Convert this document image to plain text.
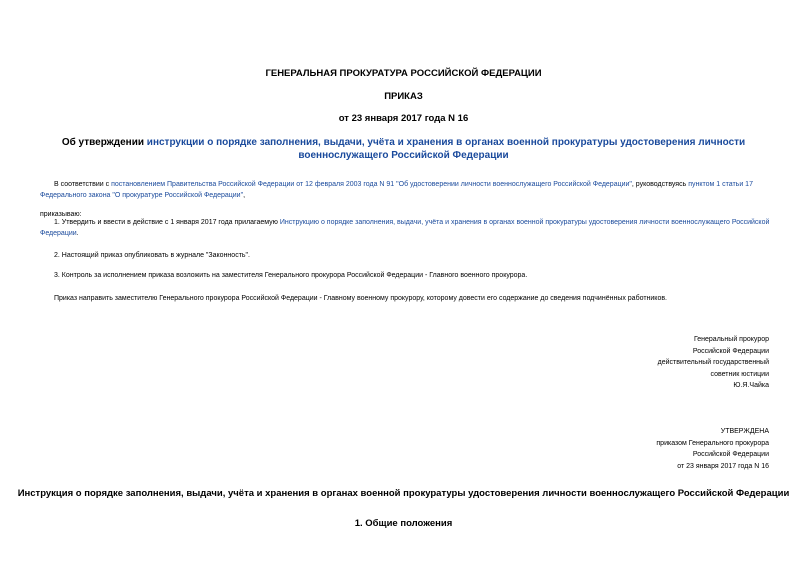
ГЕНЕРАЛЬНАЯ ПРОКУРАТУРА РОССИЙСКОЙ ФЕДЕРАЦИИ
ПРИКАЗ
от 23 января 2017 года N 16
Об утверждении инструкции о порядке заполнения, выдачи, учёта и хранения в органах военной прокуратуры удостоверения личности военнослужащего Российской Федерации
В соответствии с постановлением Правительства Российской Федерации от 12 февраля 2003 года N 91 "Об удостоверении личности военнослужащего Российской Федерации", руководствуясь пунктом 1 статьи 17 Федерального закона "О прокуратуре Российской Федерации",
приказываю:
1. Утвердить и ввести в действие с 1 января 2017 года прилагаемую Инструкцию о порядке заполнения, выдачи, учёта и хранения в органах военной прокуратуры удостоверения личности военнослужащего Российской Федерации.
2. Настоящий приказ опубликовать в журнале "Законность".
3. Контроль за исполнением приказа возложить на заместителя Генерального прокурора Российской Федерации - Главного военного прокурора.
Приказ направить заместителю Генерального прокурора Российской Федерации - Главному военному прокурору, которому довести его содержание до сведения подчинённых работников.
Генеральный прокурор
Российской Федерации
действительный государственный
советник юстиции
Ю.Я.Чайка
УТВЕРЖДЕНА
приказом Генерального прокурора
Российской Федерации
от 23 января 2017 года N 16
Инструкция о порядке заполнения, выдачи, учёта и хранения в органах военной прокуратуры удостоверения личности военнослужащего Российской Федерации
1. Общие положения
